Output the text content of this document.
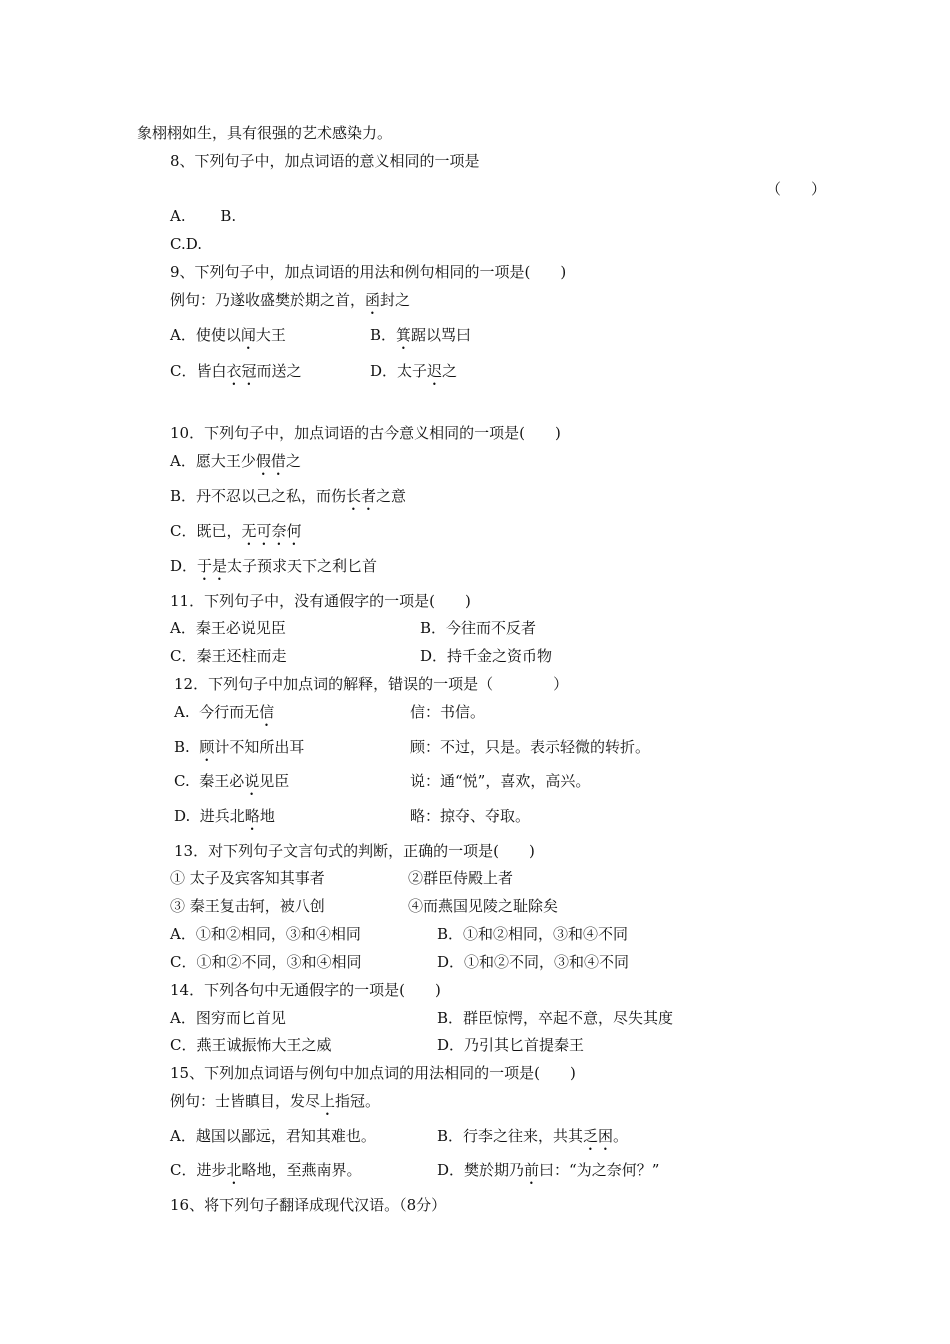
象栩栩如生，具有很强的艺术感染力。
8、下列句子中，加点词语的意义相同的一项是
（　　）
A.　　 B.
C.D.
9、下列句子中，加点词语的用法和例句相同的一项是(　　)
例句：乃遂收盛樊於期之首，函封之
A．使使以闻大王	B．箕踞以骂曰
C．皆白衣冠而送之	D．太子迟之
10．下列句子中，加点词语的古今意义相同的一项是(　　)
A．愿大王少假借之
B．丹不忍以己之私，而伤长者之意
C．既已，无可奈何
D．于是太子预求天下之利匕首
11．下列句子中，没有通假字的一项是(　　)
A．秦王必说见臣	B．今往而不反者
C．秦王还柱而走	D．持千金之资币物
12．下列句子中加点词的解释，错误的一项是（　　　　）
A.  今行而无信	信：书信。
B.  顾计不知所出耳	顾：不过，只是。表示轻微的转折。
C.  秦王必说见臣	说：通“悦”，喜欢，高兴。
D.  进兵北略地	略：掠夺、夺取。
13．对下列句子文言句式的判断，正确的一项是(　　)
① 太子及宾客知其事者	②群臣侍殿上者
③ 秦王复击轲，被八创	④而燕国见陵之耻除矣
A．①和②相同，③和④相同	B．①和②相同，③和④不同
C．①和②不同，③和④相同	D．①和②不同，③和④不同
14．下列各句中无通假字的一项是(　　)
A．图穷而匕首见	B．群臣惊愕，卒起不意，尽失其度
C．燕王诚振怖大王之威	D．乃引其匕首提秦王
15、下列加点词语与例句中加点词的用法相同的一项是(　　)
例句：士皆瞋目，发尽上指冠。
A．越国以鄙远，君知其难也。	B．行李之往来，共其乏困。
C．进步北略地，至燕南界。	D．樊於期乃前曰：“为之奈何？”
16、将下列句子翻译成现代汉语。（8分）
